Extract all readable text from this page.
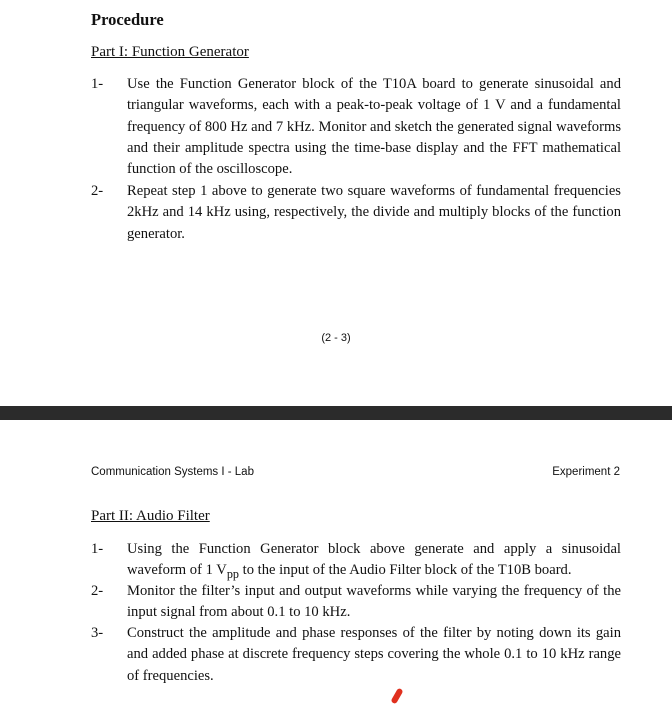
Procedure
Part I: Function Generator
1-	Use the Function Generator block of the T10A board to generate sinusoidal and triangular waveforms, each with a peak-to-peak voltage of 1 V and a fundamental frequency of 800 Hz and 7 kHz. Monitor and sketch the generated signal waveforms and their amplitude spectra using the time-base display and the FFT mathematical function of the oscilloscope.
2-	Repeat step 1 above to generate two square waveforms of fundamental frequencies 2kHz and 14 kHz using, respectively, the divide and multiply blocks of the function generator.
(2 - 3)
Communication Systems I - Lab	Experiment 2
Part II: Audio Filter
1-	Using the Function Generator block above generate and apply a sinusoidal waveform of 1 $V_{pp}$ to the input of the Audio Filter block of the T10B board.
2-	Monitor the filter’s input and output waveforms while varying the frequency of the input signal from about 0.1 to 10 kHz.
3-	Construct the amplitude and phase responses of the filter by noting down its gain and added phase at discrete frequency steps covering the whole 0.1 to 10 kHz range of frequencies.
